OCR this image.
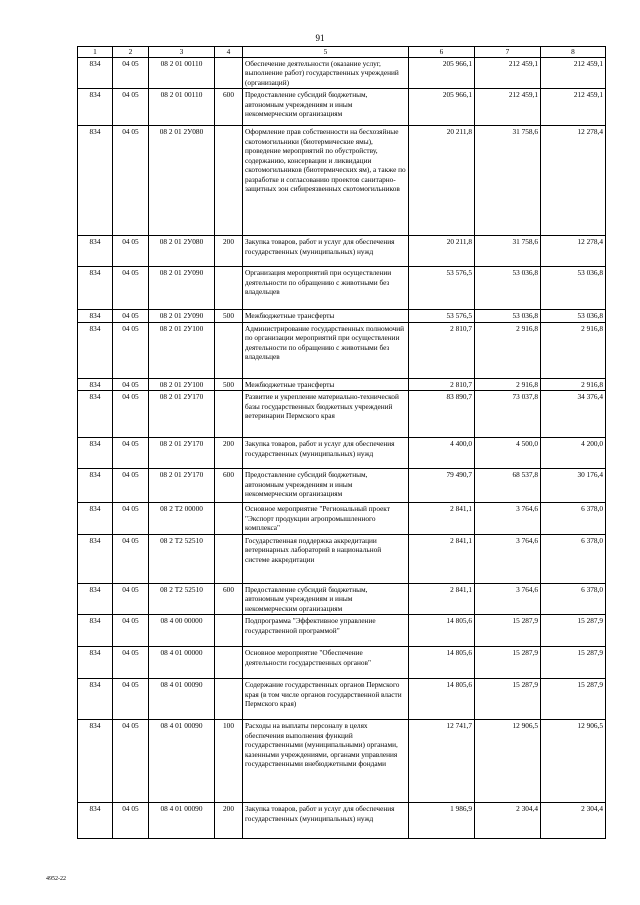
91
1	2	3	4	5	6	7	8
834	04 05	08 2 01 00110		Обеспечение деятельности (оказание услуг, выполнение работ) государственных учреждений (организаций)	205 966,1	212 459,1	212 459,1
834	04 05	08 2 01 00110	600	Предоставление субсидий бюджетным, автономным учреждениям и иным некоммерческим организациям	205 966,1	212 459,1	212 459,1
834	04 05	08 2 01 2У080		Оформление прав собственности на бесхозяйные скотомогильники (биотермические ямы), проведение мероприятий по обустройству, содержанию, консервации и ликвидации скотомогильников (биотермических ям), а также по разработке и согласованию проектов санитарно-защитных зон сибиреязвенных скотомогильников	20 211,8	31 758,6	12 278,4
834	04 05	08 2 01 2У080	200	Закупка товаров, работ и услуг для обеспечения государственных (муниципальных) нужд	20 211,8	31 758,6	12 278,4
834	04 05	08 2 01 2У090		Организация мероприятий при осуществлении деятельности по обращению с животными без владельцев	53 576,5	53 036,8	53 036,8
834	04 05	08 2 01 2У090	500	Межбюджетные трансферты	53 576,5	53 036,8	53 036,8
834	04 05	08 2 01 2У100		Администрирование государственных полномочий по организации мероприятий при осуществлении деятельности по обращению с животными без владельцев	2 810,7	2 916,8	2 916,8
834	04 05	08 2 01 2У100	500	Межбюджетные трансферты	2 810,7	2 916,8	2 916,8
834	04 05	08 2 01 2У170		Развитие и укрепление материально-технической базы государственных бюджетных учреждений ветеринарии Пермского края	83 890,7	73 037,8	34 376,4
834	04 05	08 2 01 2У170	200	Закупка товаров, работ и услуг для обеспечения государственных (муниципальных) нужд	4 400,0	4 500,0	4 200,0
834	04 05	08 2 01 2У170	600	Предоставление субсидий бюджетным, автономным учреждениям и иным некоммерческим организациям	79 490,7	68 537,8	30 176,4
834	04 05	08 2 Т2 00000		Основное мероприятие "Региональный проект "Экспорт продукции агропромышленного комплекса"	2 841,1	3 764,6	6 378,0
834	04 05	08 2 Т2 52510		Государственная поддержка аккредитации ветеринарных лабораторий в национальной системе аккредитации	2 841,1	3 764,6	6 378,0
834	04 05	08 2 Т2 52510	600	Предоставление субсидий бюджетным, автономным учреждениям и иным некоммерческим организациям	2 841,1	3 764,6	6 378,0
834	04 05	08 4 00 00000		Подпрограмма "Эффективное управление государственной программой"	14 805,6	15 287,9	15 287,9
834	04 05	08 4 01 00000		Основное мероприятие "Обеспечение деятельности государственных органов"	14 805,6	15 287,9	15 287,9
834	04 05	08 4 01 00090		Содержание государственных органов Пермского края (в том числе органов государственной власти Пермского края)	14 805,6	15 287,9	15 287,9
834	04 05	08 4 01 00090	100	Расходы на выплаты персоналу в целях обеспечения выполнения функций государственными (муниципальными) органами, казенными учреждениями, органами управления государственными внебюджетными фондами	12 741,7	12 906,5	12 906,5
834	04 05	08 4 01 00090	200	Закупка товаров, работ и услуг для обеспечения государственных (муниципальных) нужд	1 986,9	2 304,4	2 304,4
4952-22
